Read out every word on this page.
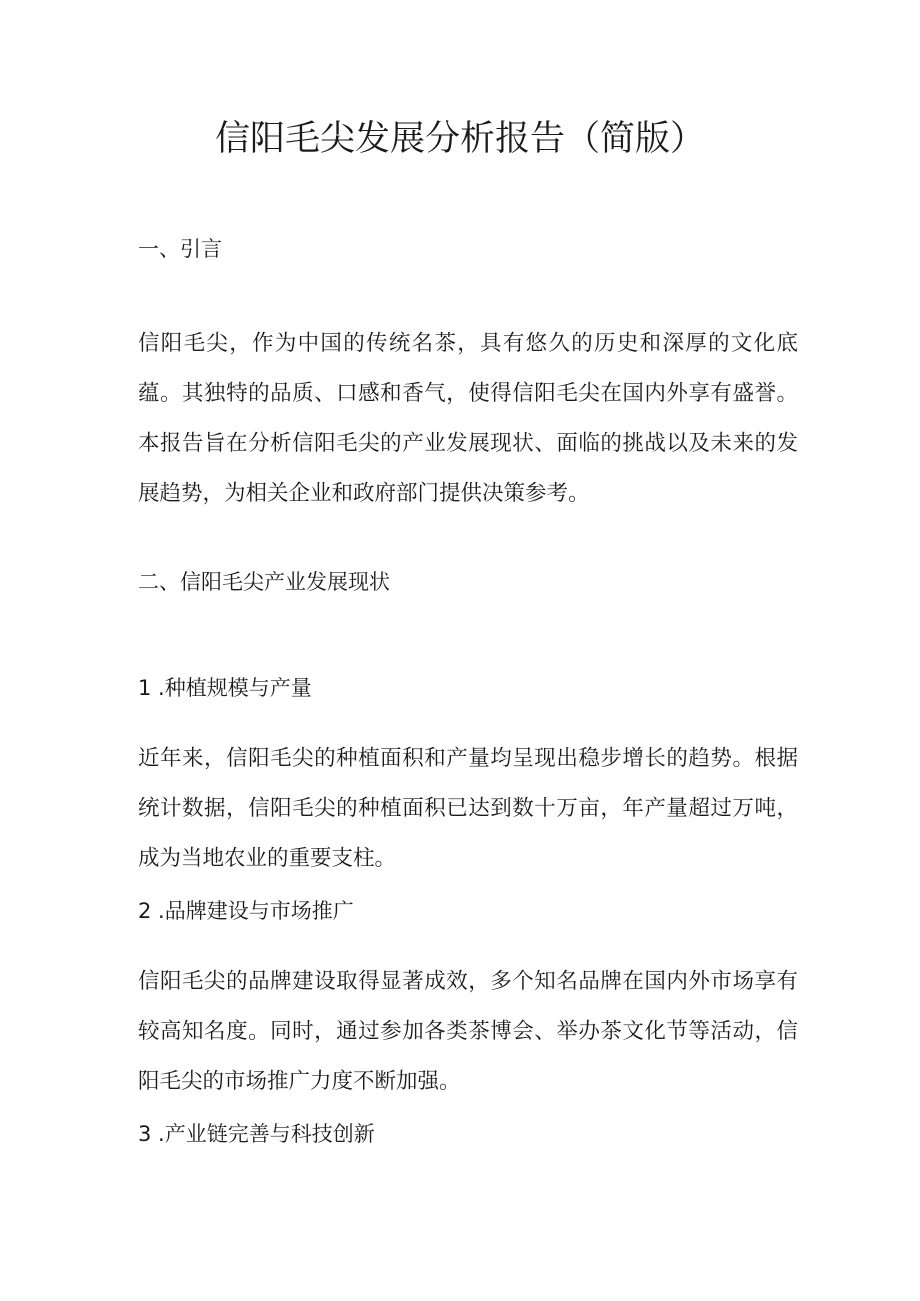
信阳毛尖发展分析报告（简版）
一、引言

信阳毛尖，作为中国的传统名茶，具有悠久的历史和深厚的文化底蕴。其独特的品质、口感和香气，使得信阳毛尖在国内外享有盛誉。本报告旨在分析信阳毛尖的产业发展现状、面临的挑战以及未来的发展趋势，为相关企业和政府部门提供决策参考。

二、信阳毛尖产业发展现状
1 .种植规模与产量

近年来，信阳毛尖的种植面积和产量均呈现出稳步增长的趋势。根据统计数据，信阳毛尖的种植面积已达到数十万亩，年产量超过万吨，成为当地农业的重要支柱。

2 .品牌建设与市场推广

信阳毛尖的品牌建设取得显著成效，多个知名品牌在国内外市场享有较高知名度。同时，通过参加各类茶博会、举办茶文化节等活动，信阳毛尖的市场推广力度不断加强。

3 .产业链完善与科技创新
